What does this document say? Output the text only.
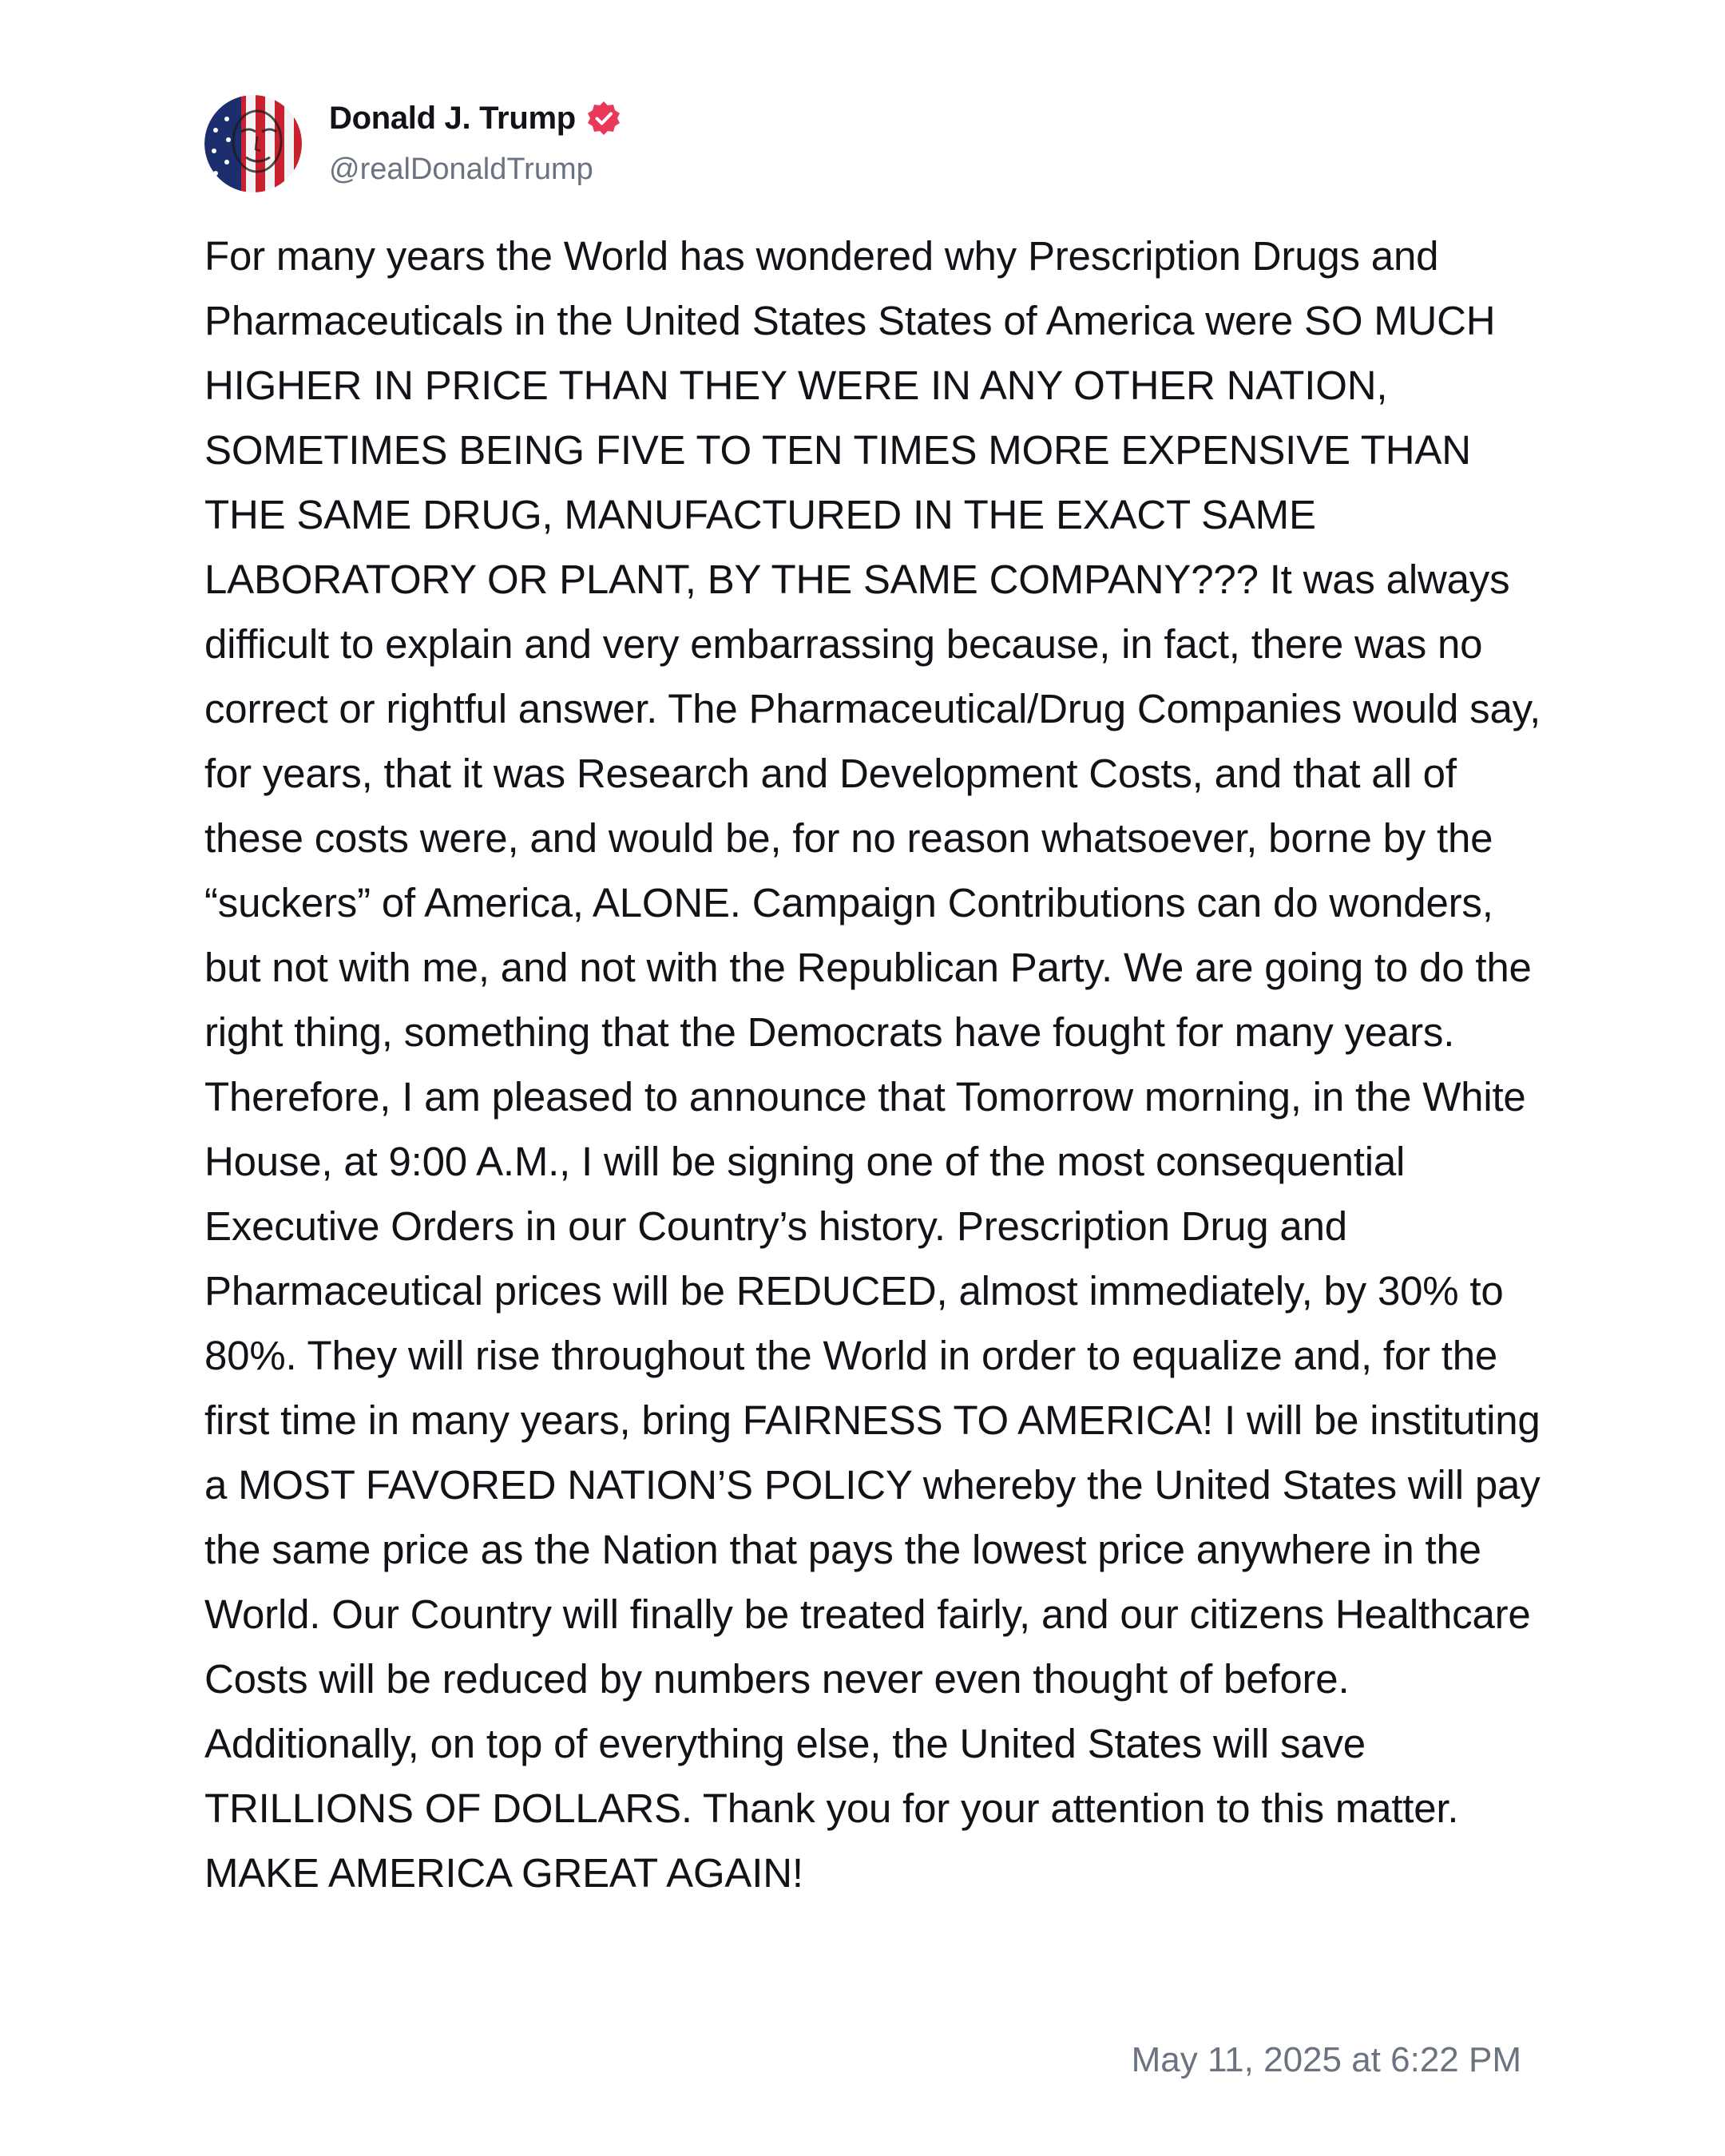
Donald J. Trump
@realDonaldTrump
For many years the World has wondered why Prescription Drugs and Pharmaceuticals in the United States States of America were SO MUCH HIGHER IN PRICE THAN THEY WERE IN ANY OTHER NATION, SOMETIMES BEING FIVE TO TEN TIMES MORE EXPENSIVE THAN THE SAME DRUG, MANUFACTURED IN THE EXACT SAME LABORATORY OR PLANT, BY THE SAME COMPANY??? It was always difficult to explain and very embarrassing because, in fact, there was no correct or rightful answer. The Pharmaceutical/Drug Companies would say, for years, that it was Research and Development Costs, and that all of these costs were, and would be, for no reason whatsoever, borne by the “suckers” of America, ALONE. Campaign Contributions can do wonders, but not with me, and not with the Republican Party. We are going to do the right thing, something that the Democrats have fought for many years. Therefore, I am pleased to announce that Tomorrow morning, in the White House, at 9:00 A.M., I will be signing one of the most consequential Executive Orders in our Country’s history. Prescription Drug and Pharmaceutical prices will be REDUCED, almost immediately, by 30% to 80%. They will rise throughout the World in order to equalize and, for the first time in many years, bring FAIRNESS TO AMERICA! I will be instituting a MOST FAVORED NATION’S POLICY whereby the United States will pay the same price as the Nation that pays the lowest price anywhere in the World. Our Country will finally be treated fairly, and our citizens Healthcare Costs will be reduced by numbers never even thought of before. Additionally, on top of everything else, the United States will save TRILLIONS OF DOLLARS. Thank you for your attention to this matter. MAKE AMERICA GREAT AGAIN!
May 11, 2025 at 6:22 PM
